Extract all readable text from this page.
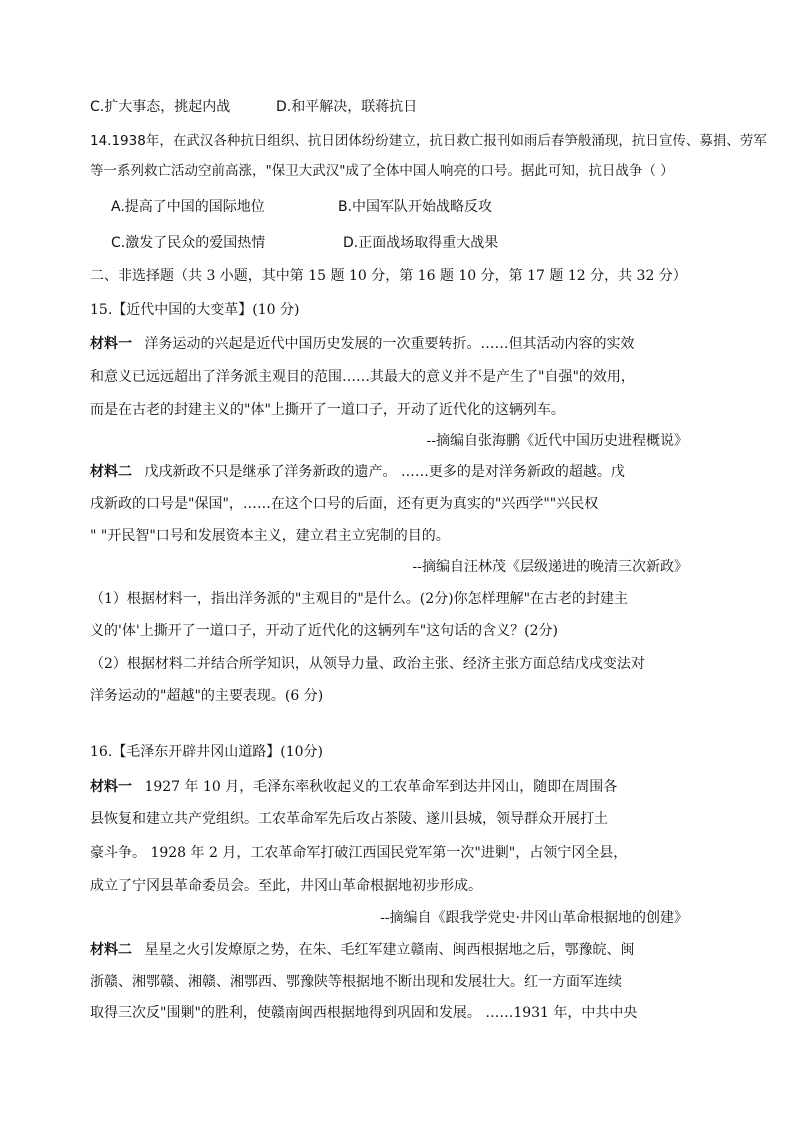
C.扩大事态，挑起内战	D.和平解决，联蒋抗日
14.1938年，在武汉各种抗日组织、抗日团体纷纷建立，抗日救亡报刊如雨后春笋般涌现，抗日宣传、募捐、劳军
等一系列救亡活动空前高涨，"保卫大武汉"成了全体中国人响亮的口号。据此可知，抗日战争（ ）
A.提高了中国的国际地位	B.中国军队开始战略反攻
C.激发了民众的爱国热情	D.正面战场取得重大战果
二、非选择题（共 3 小题，其中第 15 题 10 分，第 16 题 10 分，第 17 题 12 分，共 32 分）
15.【近代中国的大变革】(10 分)
材料一 洋务运动的兴起是近代中国历史发展的一次重要转折。……但其活动内容的实效
和意义已远远超出了洋务派主观目的范围……其最大的意义并不是产生了"自强"的效用，
而是在古老的封建主义的"体"上撕开了一道口子，开动了近代化的这辆列车。
--摘编自张海鹏《近代中国历史进程概说》
材料二 戊戌新政不只是继承了洋务新政的遗产。 ……更多的是对洋务新政的超越。戊
戌新政的口号是"保国"，……在这个口号的后面，还有更为真实的"兴西学""兴民权
" "开民智"口号和发展资本主义，建立君主立宪制的目的。
--摘编自汪林茂《层级递进的晚清三次新政》
（1）根据材料一，指出洋务派的"主观目的"是什么。(2分)你怎样理解"在古老的封建主
义的'体'上撕开了一道口子，开动了近代化的这辆列车"这句话的含义？(2分)
（2）根据材料二并结合所学知识，从领导力量、政治主张、经济主张方面总结戊戌变法对
洋务运动的"超越"的主要表现。(6 分)
16.【毛泽东开辟井冈山道路】(10分)
材料一 1927 年 10 月，毛泽东率秋收起义的工农革命军到达井冈山，随即在周围各
县恢复和建立共产党组织。工农革命军先后攻占茶陵、遂川县城，领导群众开展打土
豪斗争。 1928 年 2 月，工农革命军打破江西国民党军第一次"进剿"，占领宁冈全县，
成立了宁冈县革命委员会。至此，井冈山革命根据地初步形成。
--摘编自《跟我学党史·井冈山革命根据地的创建》
材料二 星星之火引发燎原之势，在朱、毛红军建立赣南、闽西根据地之后，鄂豫皖、闽
浙赣、湘鄂赣、湘赣、湘鄂西、鄂豫陕等根据地不断出现和发展壮大。红一方面军连续
取得三次反"围剿"的胜利，使赣南闽西根据地得到巩固和发展。 ……1931 年，中共中央
